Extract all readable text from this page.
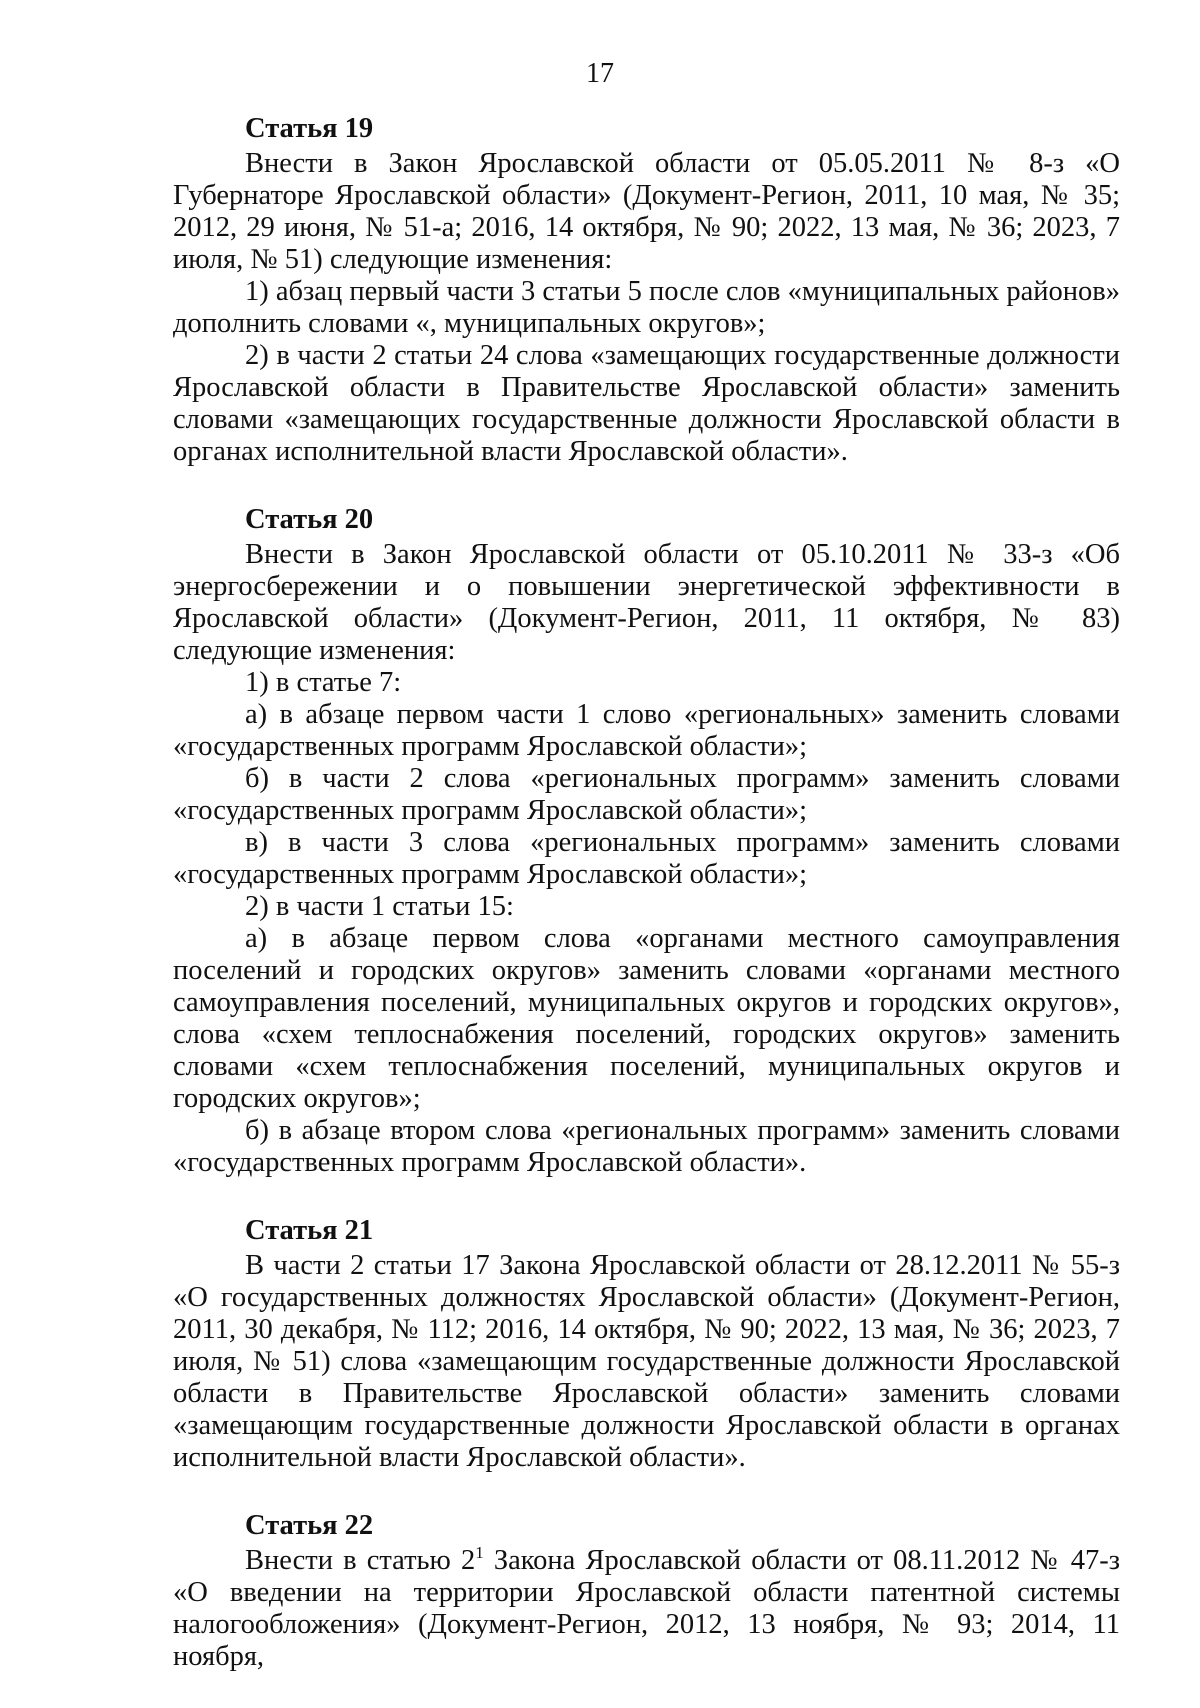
17
Статья 19

Внести в Закон Ярославской области от 05.05.2011 № 8-з «О Губернаторе Ярославской области» (Документ-Регион, 2011, 10 мая, № 35; 2012, 29 июня, № 51-а; 2016, 14 октября, № 90; 2022, 13 мая, № 36; 2023, 7 июля, № 51) следующие изменения:

1) абзац первый части 3 статьи 5 после слов «муниципальных районов» дополнить словами «, муниципальных округов»;

2) в части 2 статьи 24 слова «замещающих государственные должности Ярославской области в Правительстве Ярославской области» заменить словами «замещающих государственные должности Ярославской области в органах исполнительной власти Ярославской области».

Статья 20

Внести в Закон Ярославской области от 05.10.2011 № 33-з «Об энергосбережении и о повышении энергетической эффективности в Ярославской области» (Документ-Регион, 2011, 11 октября, № 83) следующие изменения:

1) в статье 7:

а) в абзаце первом части 1 слово «региональных» заменить словами «государственных программ Ярославской области»;

б) в части 2 слова «региональных программ» заменить словами «государственных программ Ярославской области»;

в) в части 3 слова «региональных программ» заменить словами «государственных программ Ярославской области»;

2) в части 1 статьи 15:

а) в абзаце первом слова «органами местного самоуправления поселений и городских округов» заменить словами «органами местного самоуправления поселений, муниципальных округов и городских округов», слова «схем теплоснабжения поселений, городских округов» заменить словами «схем теплоснабжения поселений, муниципальных округов и городских округов»;

б) в абзаце втором слова «региональных программ» заменить словами «государственных программ Ярославской области».

Статья 21

В части 2 статьи 17 Закона Ярославской области от 28.12.2011 № 55-з «О государственных должностях Ярославской области» (Документ-Регион, 2011, 30 декабря, № 112; 2016, 14 октября, № 90; 2022, 13 мая, № 36; 2023, 7 июля, № 51) слова «замещающим государственные должности Ярославской области в Правительстве Ярославской области» заменить словами «замещающим государственные должности Ярославской области в органах исполнительной власти Ярославской области».

Статья 22

Внести в статью $2^1$ Закона Ярославской области от 08.11.2012 № 47-з «О введении на территории Ярославской области патентной системы налогообложения» (Документ-Регион, 2012, 13 ноября, № 93; 2014, 11 ноября,
